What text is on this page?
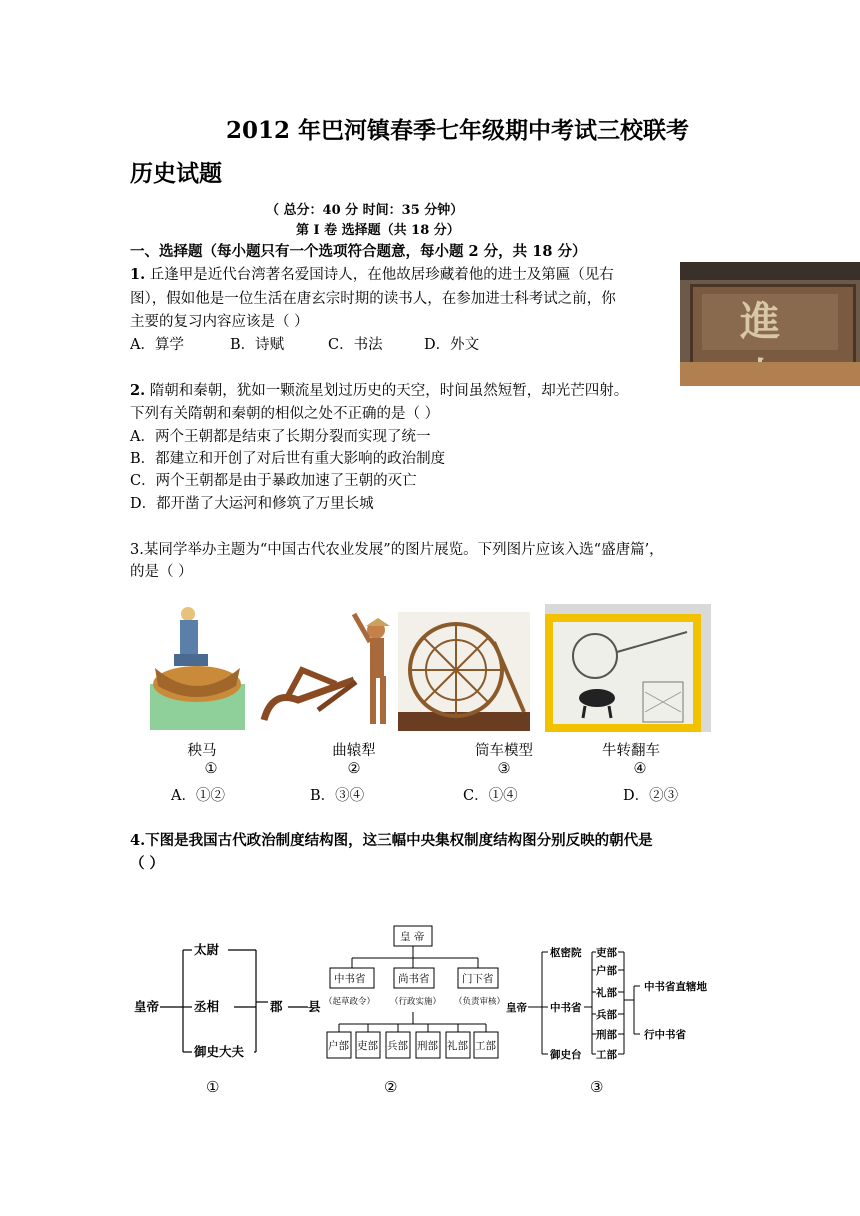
2012 年巴河镇春季七年级期中考试三校联考
历史试题
（ 总分：40 分 时间：35 分钟）
第 I 卷 选择题（共 18 分）
一、选择题（每小题只有一个选项符合题意，每小题 2 分，共 18 分）
1. 丘逢甲是近代台湾著名爱国诗人，在他故居珍藏着他的进士及第匾（见右
图），假如他是一位生活在唐玄宗时期的读书人，在参加进士科考试之前，你
主要的复习内容应该是（ ）
A．算学	B．诗赋	C．书法	D．外文	進
2. 隋朝和秦朝，犹如一颗流星划过历史的天空，时间虽然短暂，却光芒四射。
下列有关隋朝和秦朝的相似之处不正确的是（ ）
A．两个王朝都是结束了长期分裂而实现了统一
B．都建立和开创了对后世有重大影响的政治制度
C．两个王朝都是由于暴政加速了王朝的灭亡
D．都开凿了大运河和修筑了万里长城
3.某同学举办主题为“中国古代农业发展”的图片展览。下列图片应该入选“盛唐篇’，
的是（ ）
秧马	曲辕犁	筒车模型	牛转翻车
①	②	③	④
A．①②	B．③④	C．①④	D．②③
4.下图是我国古代政治制度结构图，这三幅中央集权制度结构图分别反映的朝代是
（ ）
皇帝
太尉
丞相
御史大夫
郡 县
皇 帝
中书省	尚书省	门下省
（起草政令） （行政实施） （负责审核）
户部 吏部 兵部 刑部 礼部 工部
皇帝
枢密院
中书省
御史台
吏部
户部
礼部
兵部
刑部
工部
中书省直辖地
行中书省
①	②	③
